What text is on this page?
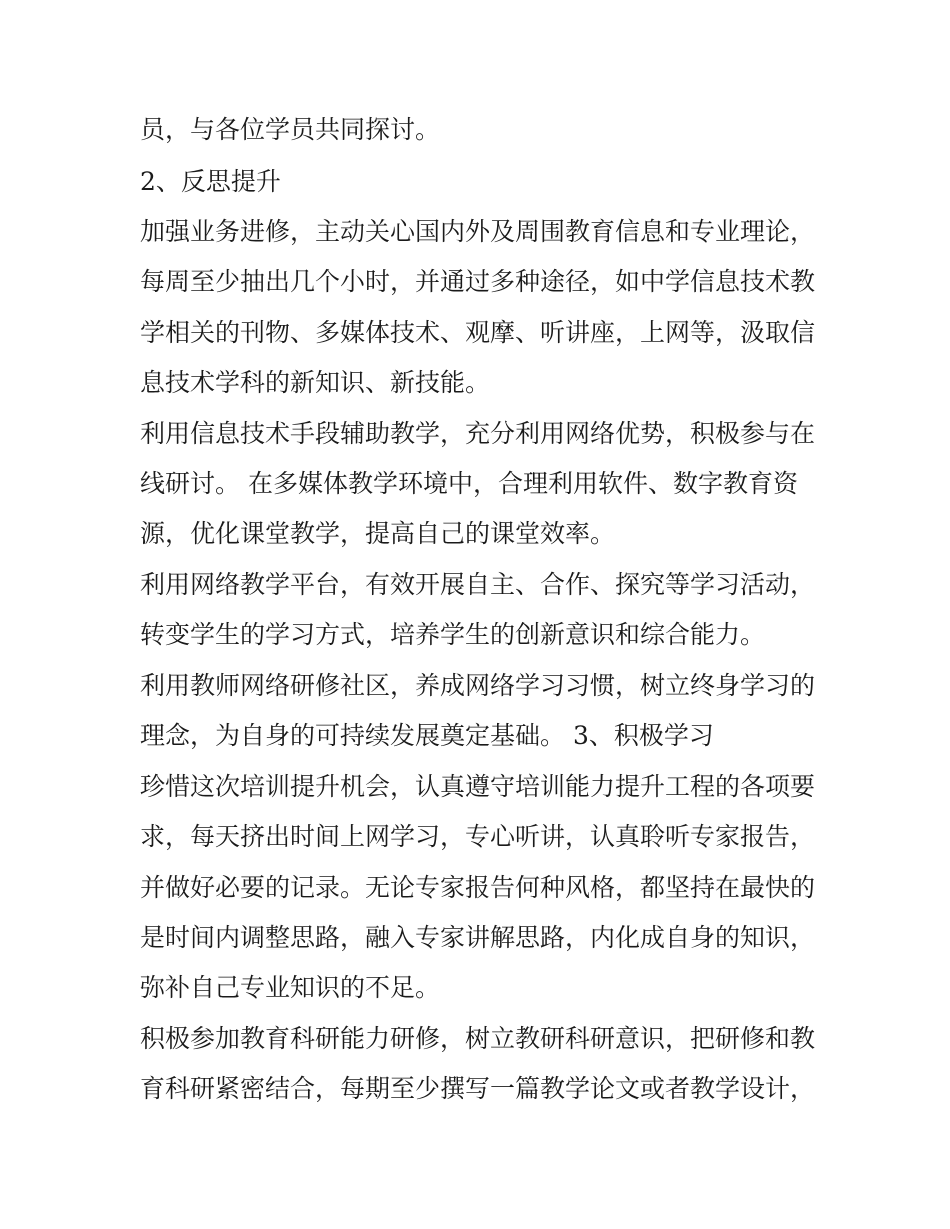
员，与各位学员共同探讨。
2、反思提升
加强业务进修，主动关心国内外及周围教育信息和专业理论，
每周至少抽出几个小时，并通过多种途径，如中学信息技术教
学相关的刊物、多媒体技术、观摩、听讲座，上网等，汲取信
息技术学科的新知识、新技能。
利用信息技术手段辅助教学，充分利用网络优势，积极参与在
线研讨。 在多媒体教学环境中，合理利用软件、数字教育资
源，优化课堂教学，提高自己的课堂效率。
利用网络教学平台，有效开展自主、合作、探究等学习活动，
转变学生的学习方式，培养学生的创新意识和综合能力。
利用教师网络研修社区，养成网络学习习惯，树立终身学习的
理念，为自身的可持续发展奠定基础。 3、积极学习
珍惜这次培训提升机会，认真遵守培训能力提升工程的各项要
求，每天挤出时间上网学习，专心听讲，认真聆听专家报告，
并做好必要的记录。无论专家报告何种风格，都坚持在最快的
是时间内调整思路，融入专家讲解思路，内化成自身的知识，
弥补自己专业知识的不足。
积极参加教育科研能力研修，树立教研科研意识，把研修和教
育科研紧密结合，每期至少撰写一篇教学论文或者教学设计，
